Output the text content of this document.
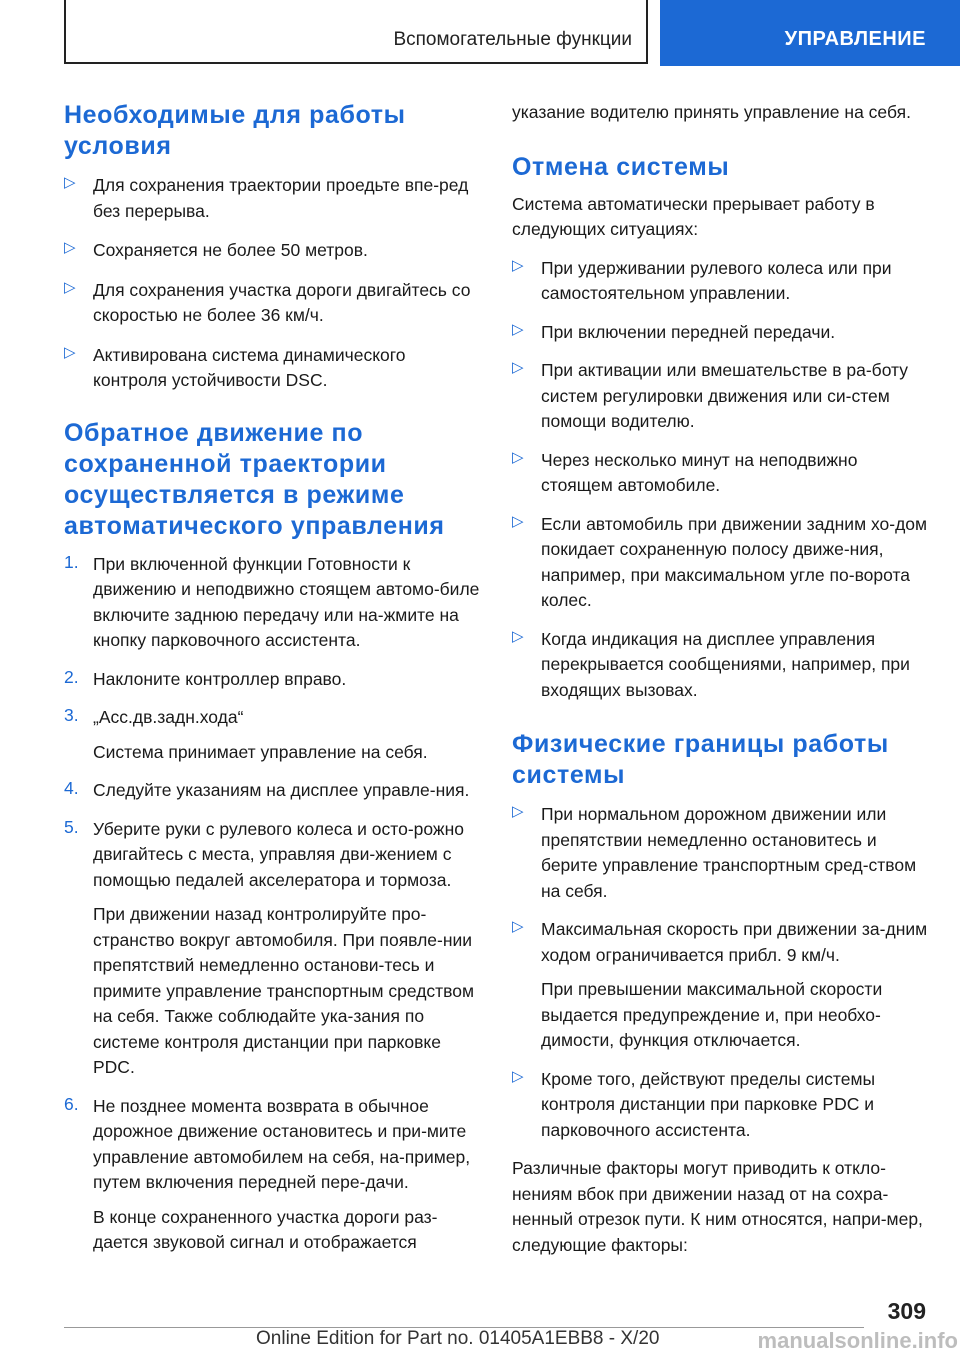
Вспомогательные функции	УПРАВЛЕНИЕ
Необходимые для работы условия
▷ Для сохранения траектории проедьте впе-ред без перерыва.

▷ Сохраняется не более 50 метров.

▷ Для сохранения участка дороги двигайтесь со скоростью не более 36 км/ч.

▷ Активирована система динамического контроля устойчивости DSC.

Обратное движение по сохраненной траектории осуществляется в режиме автоматического управления
1. При включенной функции Готовности к движению и неподвижно стоящем автомо-биле включите заднюю передачу или на-жмите на кнопку парковочного ассистента.

2. Наклоните контроллер вправо.

3. „Асс.дв.задн.хода“

Система принимает управление на себя.

4. Следуйте указаниям на дисплее управле-ния.

5. Уберите руки с рулевого колеса и осто-рожно двигайтесь с места, управляя дви-жением с помощью педалей акселератора и тормоза.

При движении назад контролируйте про-странство вокруг автомобиля. При появле-нии препятствий немедленно останови-тесь и примите управление транспортным средством на себя. Также соблюдайте ука-зания по системе контроля дистанции при парковке PDC.

6. Не позднее момента возврата в обычное дорожное движение остановитесь и при-мите управление автомобилем на себя, на-пример, путем включения передней пере-дачи.

В конце сохраненного участка дороги раз-дается звуковой сигнал и отображается

указание водителю принять управление на себя.

Отмена системы

Система автоматически прерывает работу в следующих ситуациях:

▷ При удерживании рулевого колеса или при самостоятельном управлении.

▷ При включении передней передачи.

▷ При активации или вмешательстве в ра-боту систем регулировки движения или си-стем помощи водителю.

▷ Через несколько минут на неподвижно стоящем автомобиле.

▷ Если автомобиль при движении задним хо-дом покидает сохраненную полосу движе-ния, например, при максимальном угле по-ворота колес.

▷ Когда индикация на дисплее управления перекрывается сообщениями, например, при входящих вызовах.

Физические границы работы системы
▷ При нормальном дорожном движении или препятствии немедленно остановитесь и берите управление транспортным сред-ством на себя.

▷ Максимальная скорость при движении за-дним ходом ограничивается прибл. 9 км/ч.

При превышении максимальной скорости выдается предупреждение и, при необхо-димости, функция отключается.

▷ Кроме того, действуют пределы системы контроля дистанции при парковке PDC и парковочного ассистента.

Различные факторы могут приводить к откло-нениям вбок при движении назад от на сохра-ненный отрезок пути. К ним относятся, напри-мер, следующие факторы:

309
Online Edition for Part no. 01405A1EBB8 - X/20	manualsonline.info
